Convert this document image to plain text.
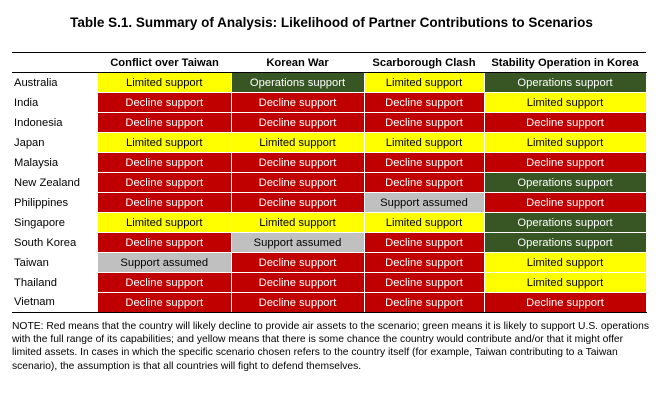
Table S.1. Summary of Analysis: Likelihood of Partner Contributions to Scenarios
	Conflict over Taiwan	Korean War	Scarborough Clash	Stability Operation in Korea
Australia	Limited support	Operations support	Limited support	Operations support
India	Decline support	Decline support	Decline support	Limited support
Indonesia	Decline support	Decline support	Decline support	Decline support
Japan	Limited support	Limited support	Limited support	Limited support
Malaysia	Decline support	Decline support	Decline support	Decline support
New Zealand	Decline support	Decline support	Decline support	Operations support
Philippines	Decline support	Decline support	Support assumed	Decline support
Singapore	Limited support	Limited support	Limited support	Operations support
South Korea	Decline support	Support assumed	Decline support	Operations support
Taiwan	Support assumed	Decline support	Decline support	Limited support
Thailand	Decline support	Decline support	Decline support	Limited support
Vietnam	Decline support	Decline support	Decline support	Decline support

NOTE: Red means that the country will likely decline to provide air assets to the scenario; green means it is likely to support U.S. operations with the full range of its capabilities; and yellow means that there is some chance the country would contribute and/or that it might offer limited assets. In cases in which the specific scenario chosen refers to the country itself (for example, Taiwan contributing to a Taiwan scenario), the assumption is that all countries will fight to defend themselves.
